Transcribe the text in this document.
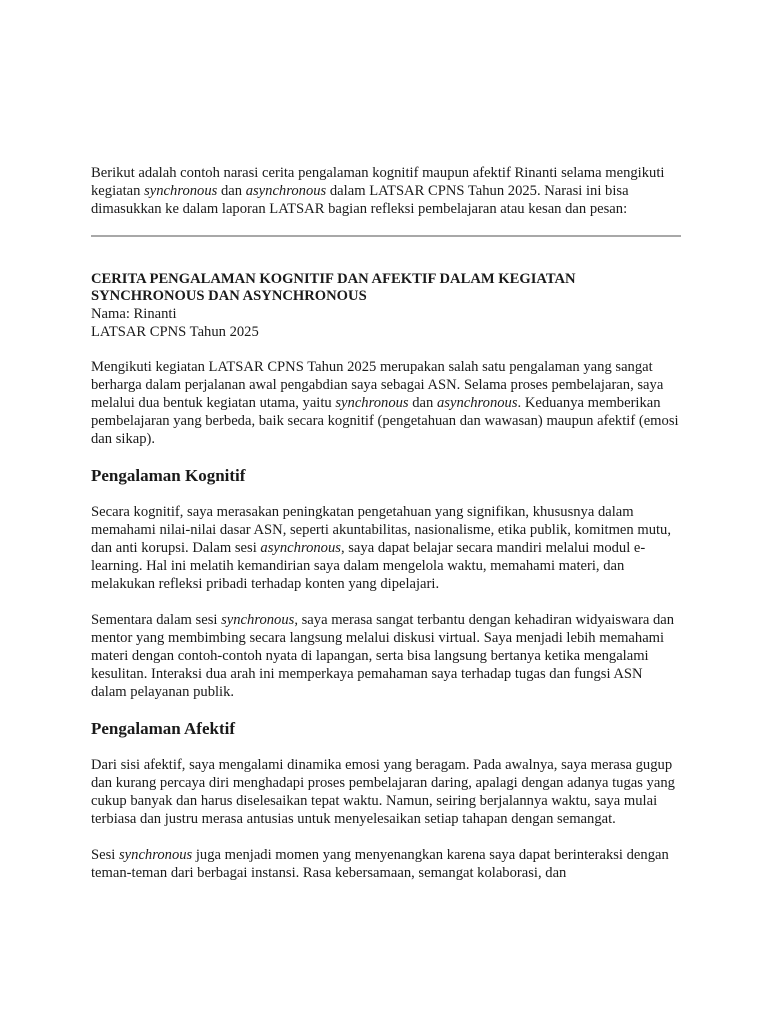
Berikut adalah contoh narasi cerita pengalaman kognitif maupun afektif Rinanti selama mengikuti kegiatan synchronous dan asynchronous dalam LATSAR CPNS Tahun 2025. Narasi ini bisa dimasukkan ke dalam laporan LATSAR bagian refleksi pembelajaran atau kesan dan pesan:

CERITA PENGALAMAN KOGNITIF DAN AFEKTIF DALAM KEGIATAN SYNCHRONOUS DAN ASYNCHRONOUS

Nama: Rinanti

LATSAR CPNS Tahun 2025

Mengikuti kegiatan LATSAR CPNS Tahun 2025 merupakan salah satu pengalaman yang sangat berharga dalam perjalanan awal pengabdian saya sebagai ASN. Selama proses pembelajaran, saya melalui dua bentuk kegiatan utama, yaitu synchronous dan asynchronous. Keduanya memberikan pembelajaran yang berbeda, baik secara kognitif (pengetahuan dan wawasan) maupun afektif (emosi dan sikap).

Pengalaman Kognitif

Secara kognitif, saya merasakan peningkatan pengetahuan yang signifikan, khususnya dalam memahami nilai-nilai dasar ASN, seperti akuntabilitas, nasionalisme, etika publik, komitmen mutu, dan anti korupsi. Dalam sesi asynchronous, saya dapat belajar secara mandiri melalui modul e-learning. Hal ini melatih kemandirian saya dalam mengelola waktu, memahami materi, dan melakukan refleksi pribadi terhadap konten yang dipelajari.

Sementara dalam sesi synchronous, saya merasa sangat terbantu dengan kehadiran widyaiswara dan mentor yang membimbing secara langsung melalui diskusi virtual. Saya menjadi lebih memahami materi dengan contoh-contoh nyata di lapangan, serta bisa langsung bertanya ketika mengalami kesulitan. Interaksi dua arah ini memperkaya pemahaman saya terhadap tugas dan fungsi ASN dalam pelayanan publik.

Pengalaman Afektif

Dari sisi afektif, saya mengalami dinamika emosi yang beragam. Pada awalnya, saya merasa gugup dan kurang percaya diri menghadapi proses pembelajaran daring, apalagi dengan adanya tugas yang cukup banyak dan harus diselesaikan tepat waktu. Namun, seiring berjalannya waktu, saya mulai terbiasa dan justru merasa antusias untuk menyelesaikan setiap tahapan dengan semangat.

Sesi synchronous juga menjadi momen yang menyenangkan karena saya dapat berinteraksi dengan teman-teman dari berbagai instansi. Rasa kebersamaan, semangat kolaborasi, dan
